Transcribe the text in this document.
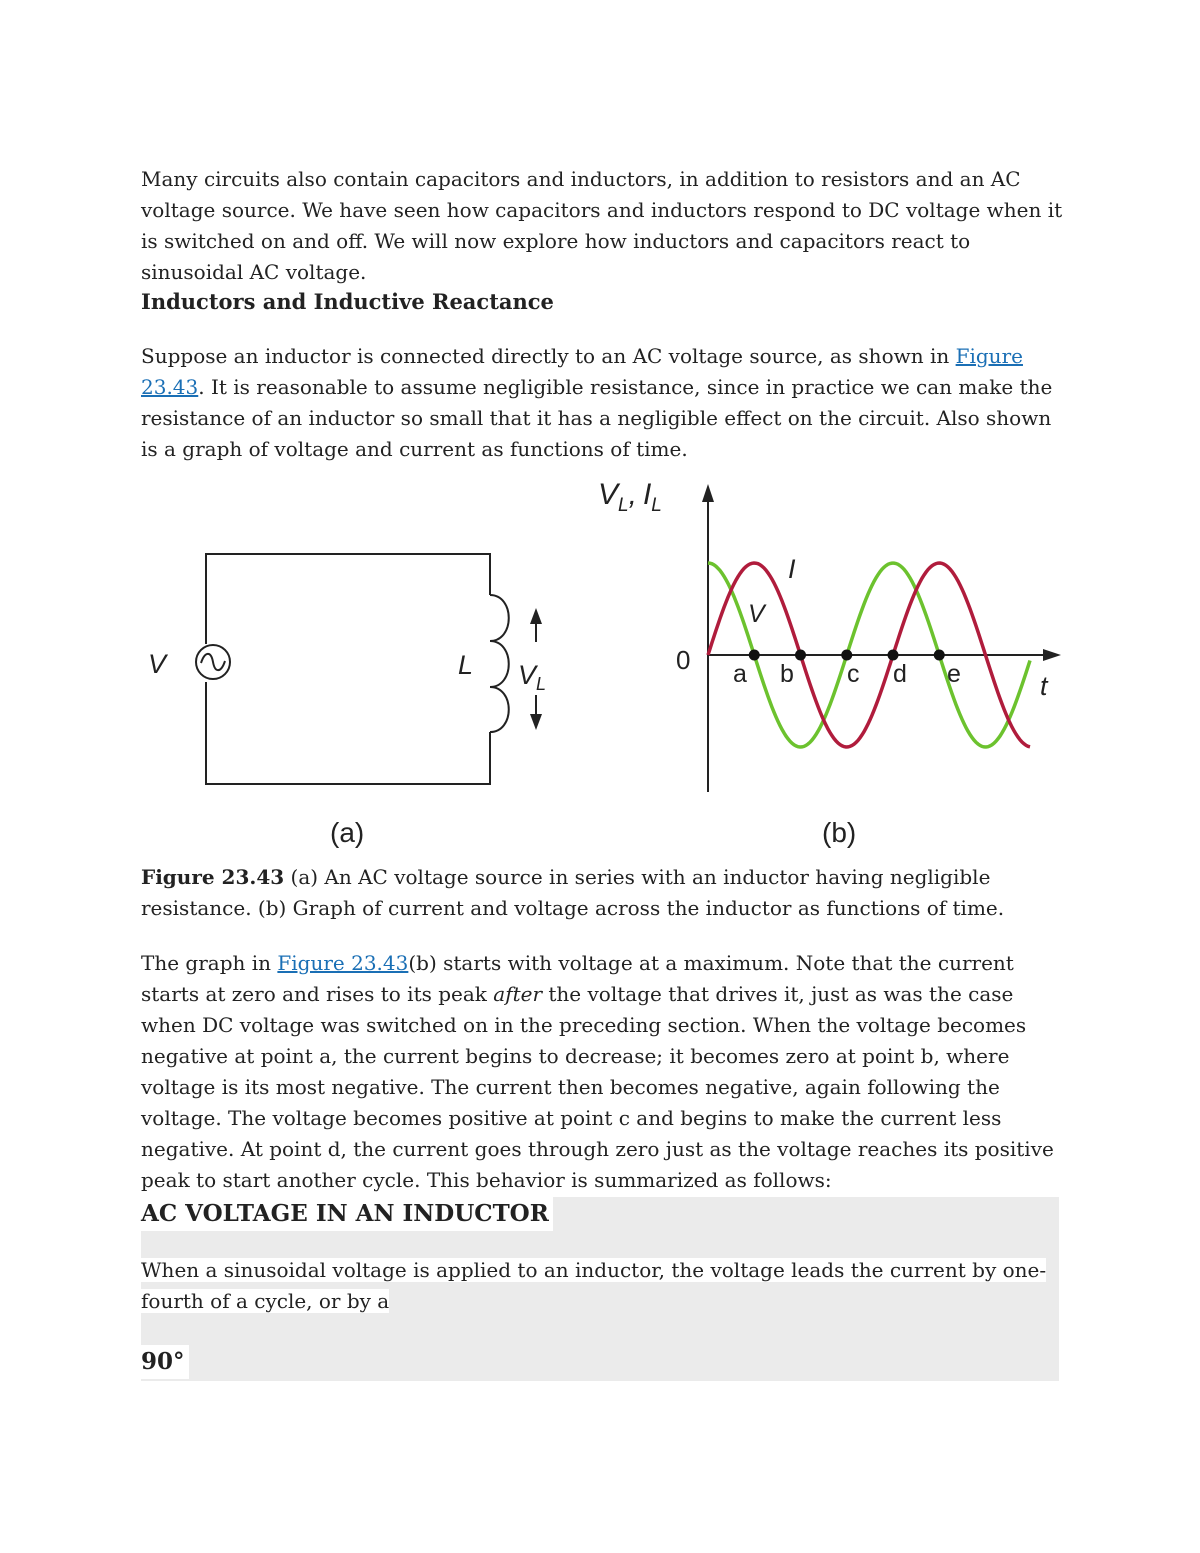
Many circuits also contain capacitors and inductors, in addition to resistors and an AC voltage source. We have seen how capacitors and inductors respond to DC voltage when it is switched on and off. We will now explore how inductors and capacitors react to sinusoidal AC voltage.

Inductors and Inductive Reactance

Suppose an inductor is connected directly to an AC voltage source, as shown in Figure 23.43. It is reasonable to assume negligible resistance, since in practice we can make the resistance of an inductor so small that it has a negligible effect on the circuit. Also shown is a graph of voltage and current as functions of time.

V	L $V_L$
(a)
$V_L$, $I_L$
0
t
I
V
a b c d e
(b)

Figure 23.43 (a) An AC voltage source in series with an inductor having negligible resistance. (b) Graph of current and voltage across the inductor as functions of time.

The graph in Figure 23.43(b) starts with voltage at a maximum. Note that the current starts at zero and rises to its peak after the voltage that drives it, just as was the case when DC voltage was switched on in the preceding section. When the voltage becomes negative at point a, the current begins to decrease; it becomes zero at point b, where voltage is its most negative. The current then becomes negative, again following the voltage. The voltage becomes positive at point c and begins to make the current less negative. At point d, the current goes through zero just as the voltage reaches its positive peak to start another cycle. This behavior is summarized as follows:

AC VOLTAGE IN AN INDUCTOR

When a sinusoidal voltage is applied to an inductor, the voltage leads the current by one-fourth of a cycle, or by a

90°
